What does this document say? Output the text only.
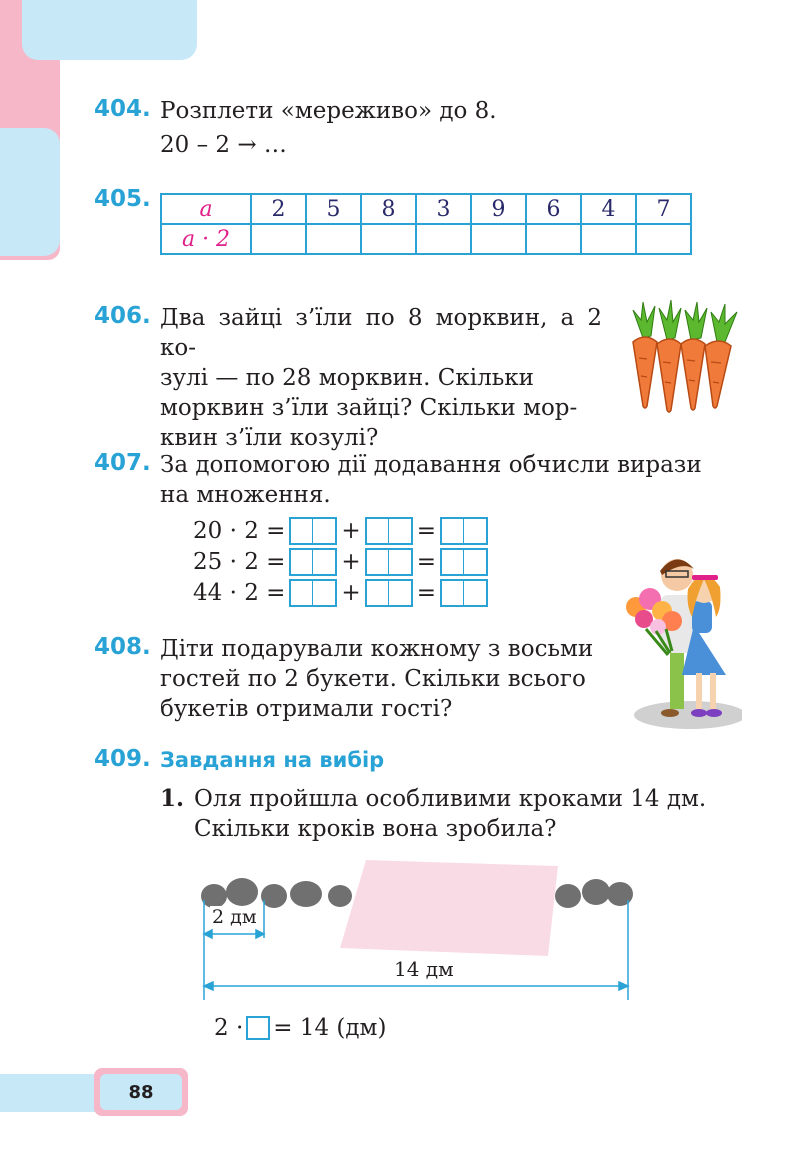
404. Розплети «мереживо» до 8.
20 – 2 → …
405. a	2	5	8	3	9	6	4	7
a · 2								
406. Два зайці з’їли по 8 морквин, а 2 ко-
зулі — по 28 морквин. Скільки
морквин з’їли зайці? Скільки мор-
квин з’їли козулі?
407. За допомогою дії додавання обчисли вирази
на множення.
20 · 2 = + =
25 · 2 = + =
44 · 2 = + =
408. Діти подарували кожному з восьми
гостей по 2 букети. Скільки всього
букетів отримали гості?
409. Завдання на вибір
1. Оля пройшла особливими кроками 14 дм.
Скільки кроків вона зробила?
2 дм
14 дм
2 · = 14 (дм)
88
